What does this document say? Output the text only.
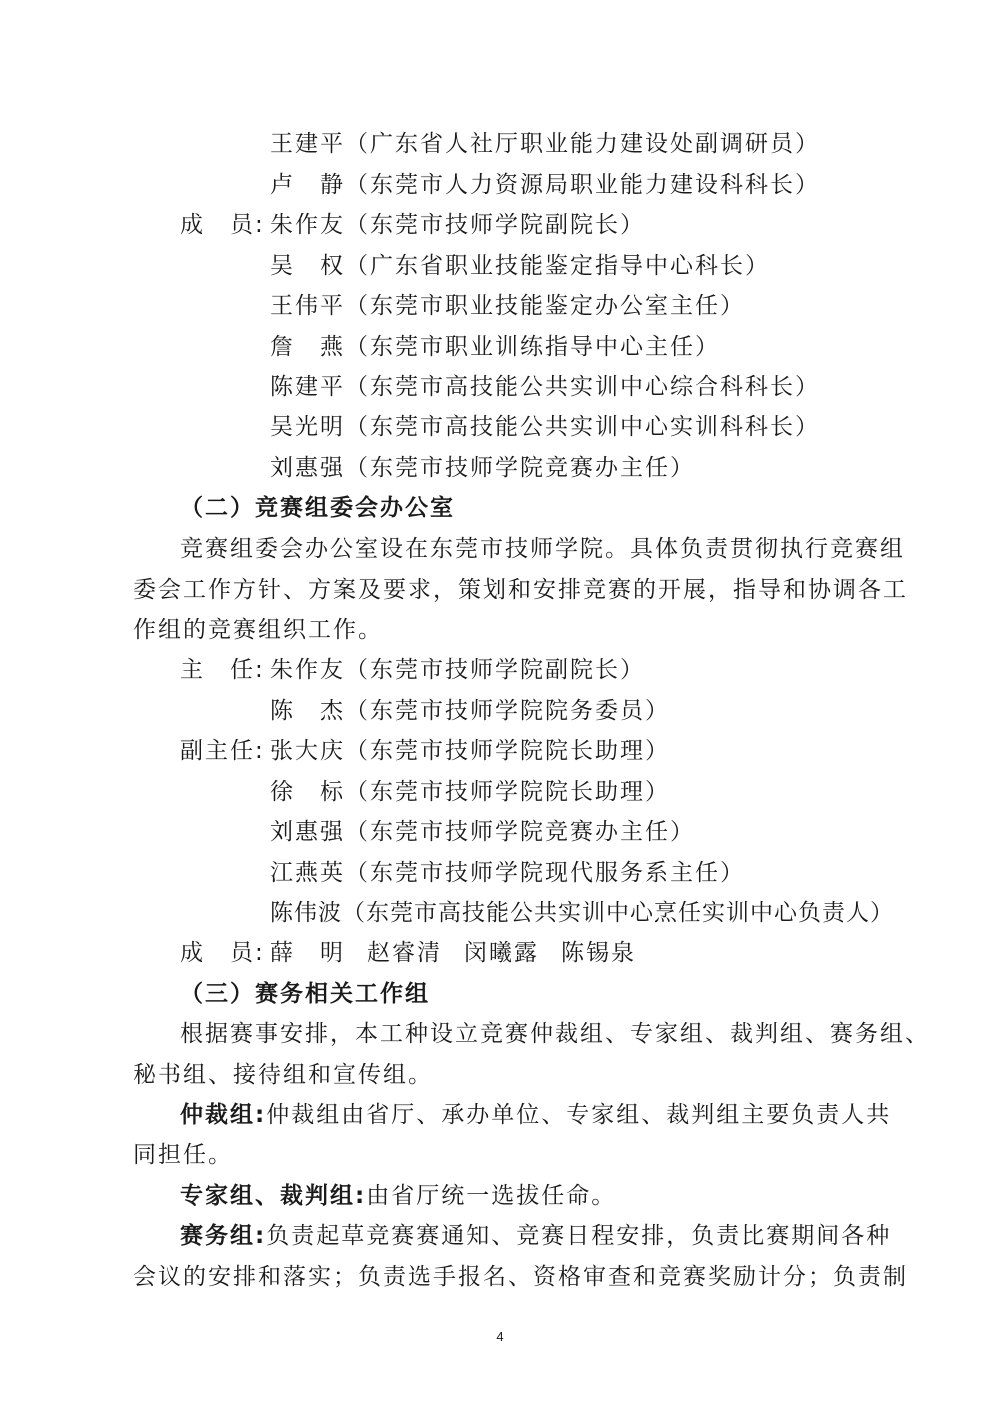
王建平（广东省人社厅职业能力建设处副调研员）
卢　静（东莞市人力资源局职业能力建设科科长）
成　员: 朱作友（东莞市技师学院副院长）
吴　权（广东省职业技能鉴定指导中心科长）
王伟平（东莞市职业技能鉴定办公室主任）
詹　燕（东莞市职业训练指导中心主任）
陈建平（东莞市高技能公共实训中心综合科科长）
吴光明（东莞市高技能公共实训中心实训科科长）
刘惠强（东莞市技师学院竞赛办主任）
（二）竞赛组委会办公室
竞赛组委会办公室设在东莞市技师学院。具体负责贯彻执行竞赛组
委会工作方针、方案及要求，策划和安排竞赛的开展，指导和协调各工
作组的竞赛组织工作。
主　任: 朱作友（东莞市技师学院副院长）
陈　杰（东莞市技师学院院务委员）
副主任: 张大庆（东莞市技师学院院长助理）
徐　标（东莞市技师学院院长助理）
刘惠强（东莞市技师学院竞赛办主任）
江燕英（东莞市技师学院现代服务系主任）
陈伟波（东莞市高技能公共实训中心烹任实训中心负责人）
成　员: 薛　明 赵睿清 闵曦露 陈锡泉
（三）赛务相关工作组
根据赛事安排，本工种设立竞赛仲裁组、专家组、裁判组、赛务组、
秘书组、接待组和宣传组。
仲裁组:仲裁组由省厅、承办单位、专家组、裁判组主要负责人共
同担任。
专家组、裁判组:由省厅统一选拔任命。
赛务组:负责起草竞赛赛通知、竞赛日程安排，负责比赛期间各种
会议的安排和落实；负责选手报名、资格审查和竞赛奖励计分；负责制
4
